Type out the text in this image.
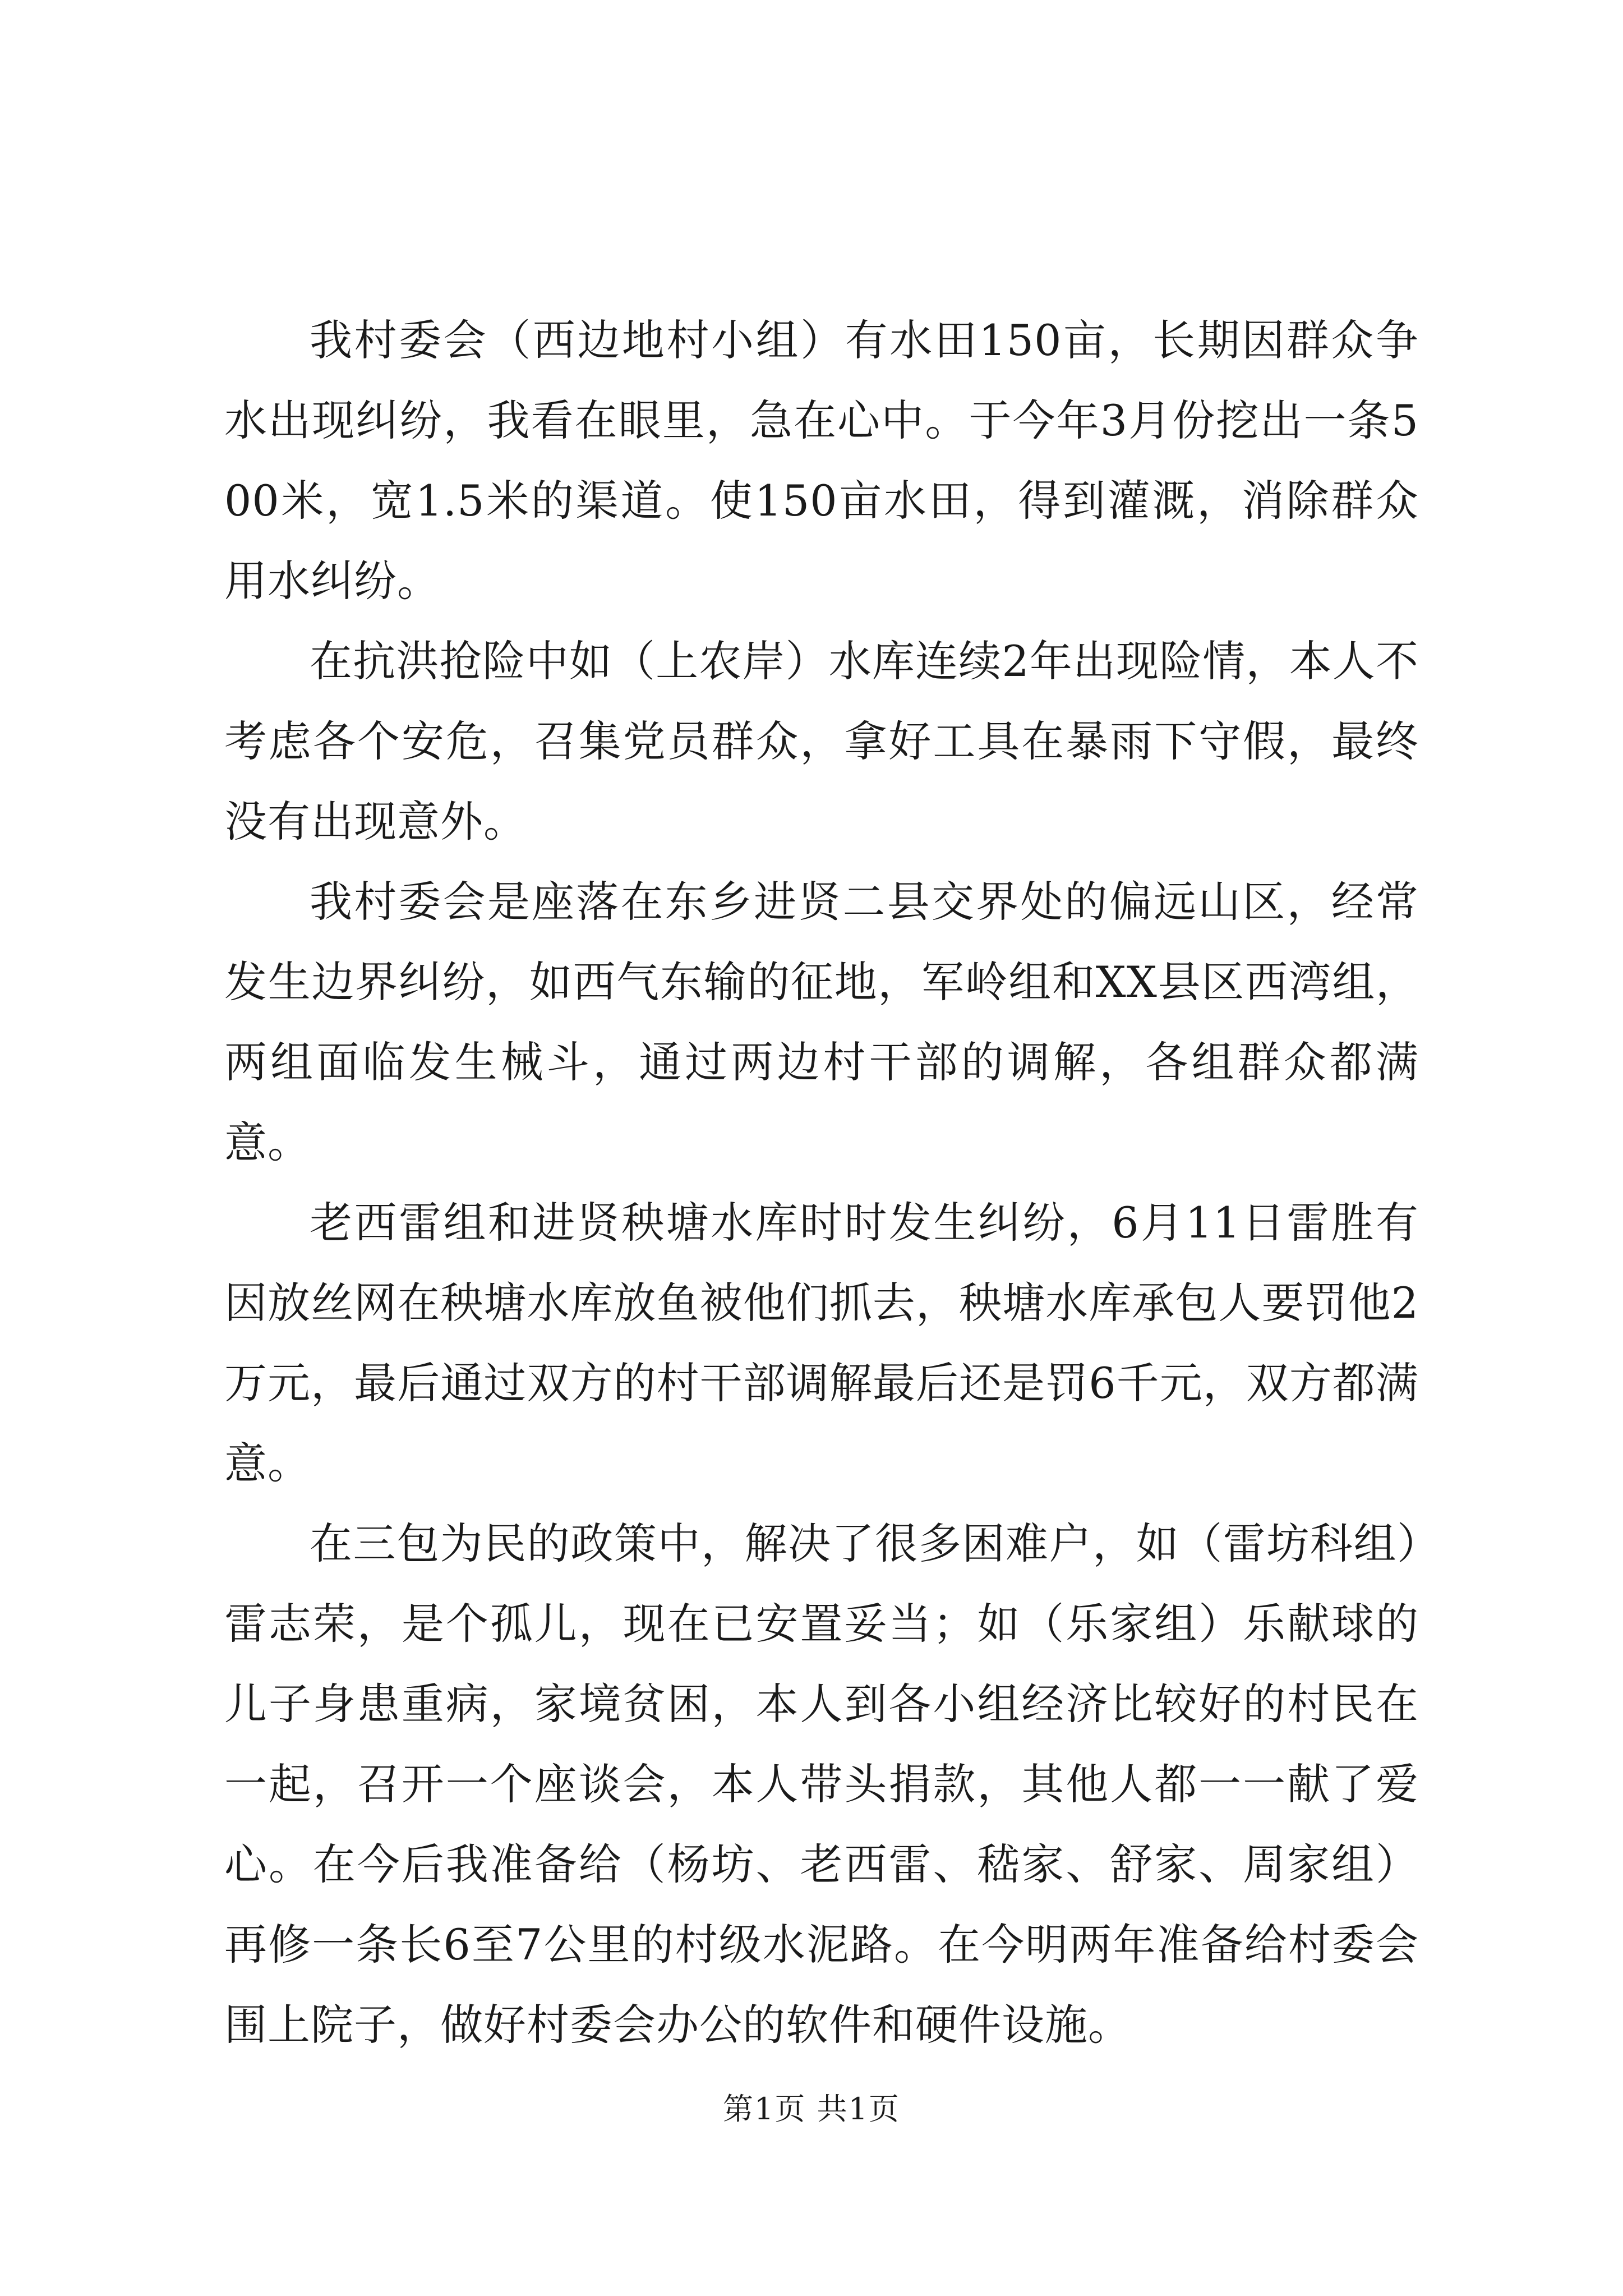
我村委会（西边地村小组）有水田150亩，长期因群众争水出现纠纷，我看在眼里，急在心中。于今年3月份挖出一条500米，宽1.5米的渠道。使150亩水田，得到灌溉，消除群众用水纠纷。

在抗洪抢险中如（上农岸）水库连续2年出现险情，本人不考虑各个安危，召集党员群众，拿好工具在暴雨下守假，最终没有出现意外。

我村委会是座落在东乡进贤二县交界处的偏远山区，经常发生边界纠纷，如西气东输的征地，军岭组和XX县区西湾组，两组面临发生械斗，通过两边村干部的调解，各组群众都满意。

老西雷组和进贤秧塘水库时时发生纠纷，6月11日雷胜有因放丝网在秧塘水库放鱼被他们抓去，秧塘水库承包人要罚他2万元，最后通过双方的村干部调解最后还是罚6千元，双方都满意。

在三包为民的政策中，解决了很多困难户，如（雷坊科组）雷志荣，是个孤儿，现在已安置妥当；如（乐家组）乐献球的儿子身患重病，家境贫困，本人到各小组经济比较好的村民在一起，召开一个座谈会，本人带头捐款，其他人都一一献了爱心。在今后我准备给（杨坊、老西雷、嵇家、舒家、周家组）再修一条长6至7公里的村级水泥路。在今明两年准备给村委会围上院子，做好村委会办公的软件和硬件设施。

第1页 共1页
